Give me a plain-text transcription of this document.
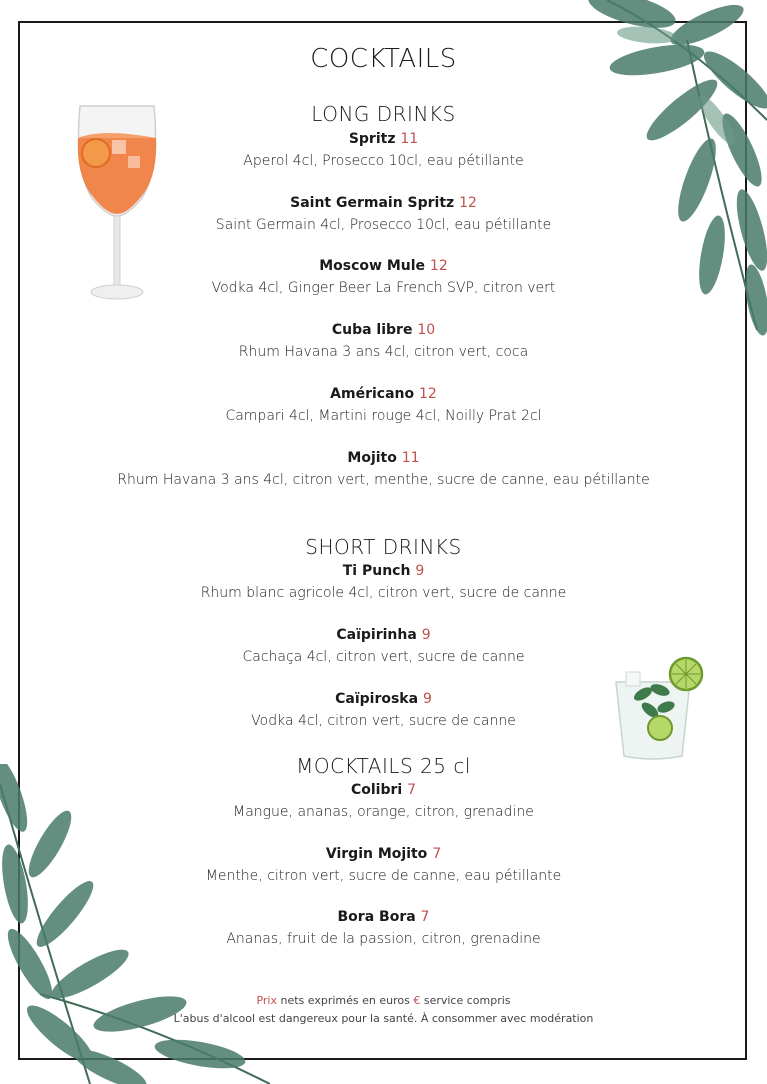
COCKTAILS
LONG DRINKS
Spritz 11
Aperol 4cl, Prosecco 10cl, eau pétillante
Saint Germain Spritz 12
Saint Germain 4cl, Prosecco 10cl, eau pétillante
Moscow Mule 12
Vodka 4cl, Ginger Beer La French SVP, citron vert
Cuba libre 10
Rhum Havana 3 ans 4cl, citron vert, coca
Américano 12
Campari 4cl, Martini rouge 4cl, Noilly Prat 2cl
Mojito 11
Rhum Havana 3 ans 4cl, citron vert, menthe, sucre de canne, eau pétillante
SHORT DRINKS
Ti Punch 9
Rhum blanc agricole 4cl, citron vert, sucre de canne
Caïpirinha 9
Cachaça 4cl, citron vert, sucre de canne
Caïpiroska 9
Vodka 4cl, citron vert, sucre de canne
MOCKTAILS 25 cl
Colibri 7
Mangue, ananas, orange, citron, grenadine
Virgin Mojito 7
Menthe, citron vert, sucre de canne, eau pétillante
Bora Bora 7
Ananas, fruit de la passion, citron, grenadine
Prix nets exprimés en euros € service compris
L'abus d'alcool est dangereux pour la santé. À consommer avec modération
